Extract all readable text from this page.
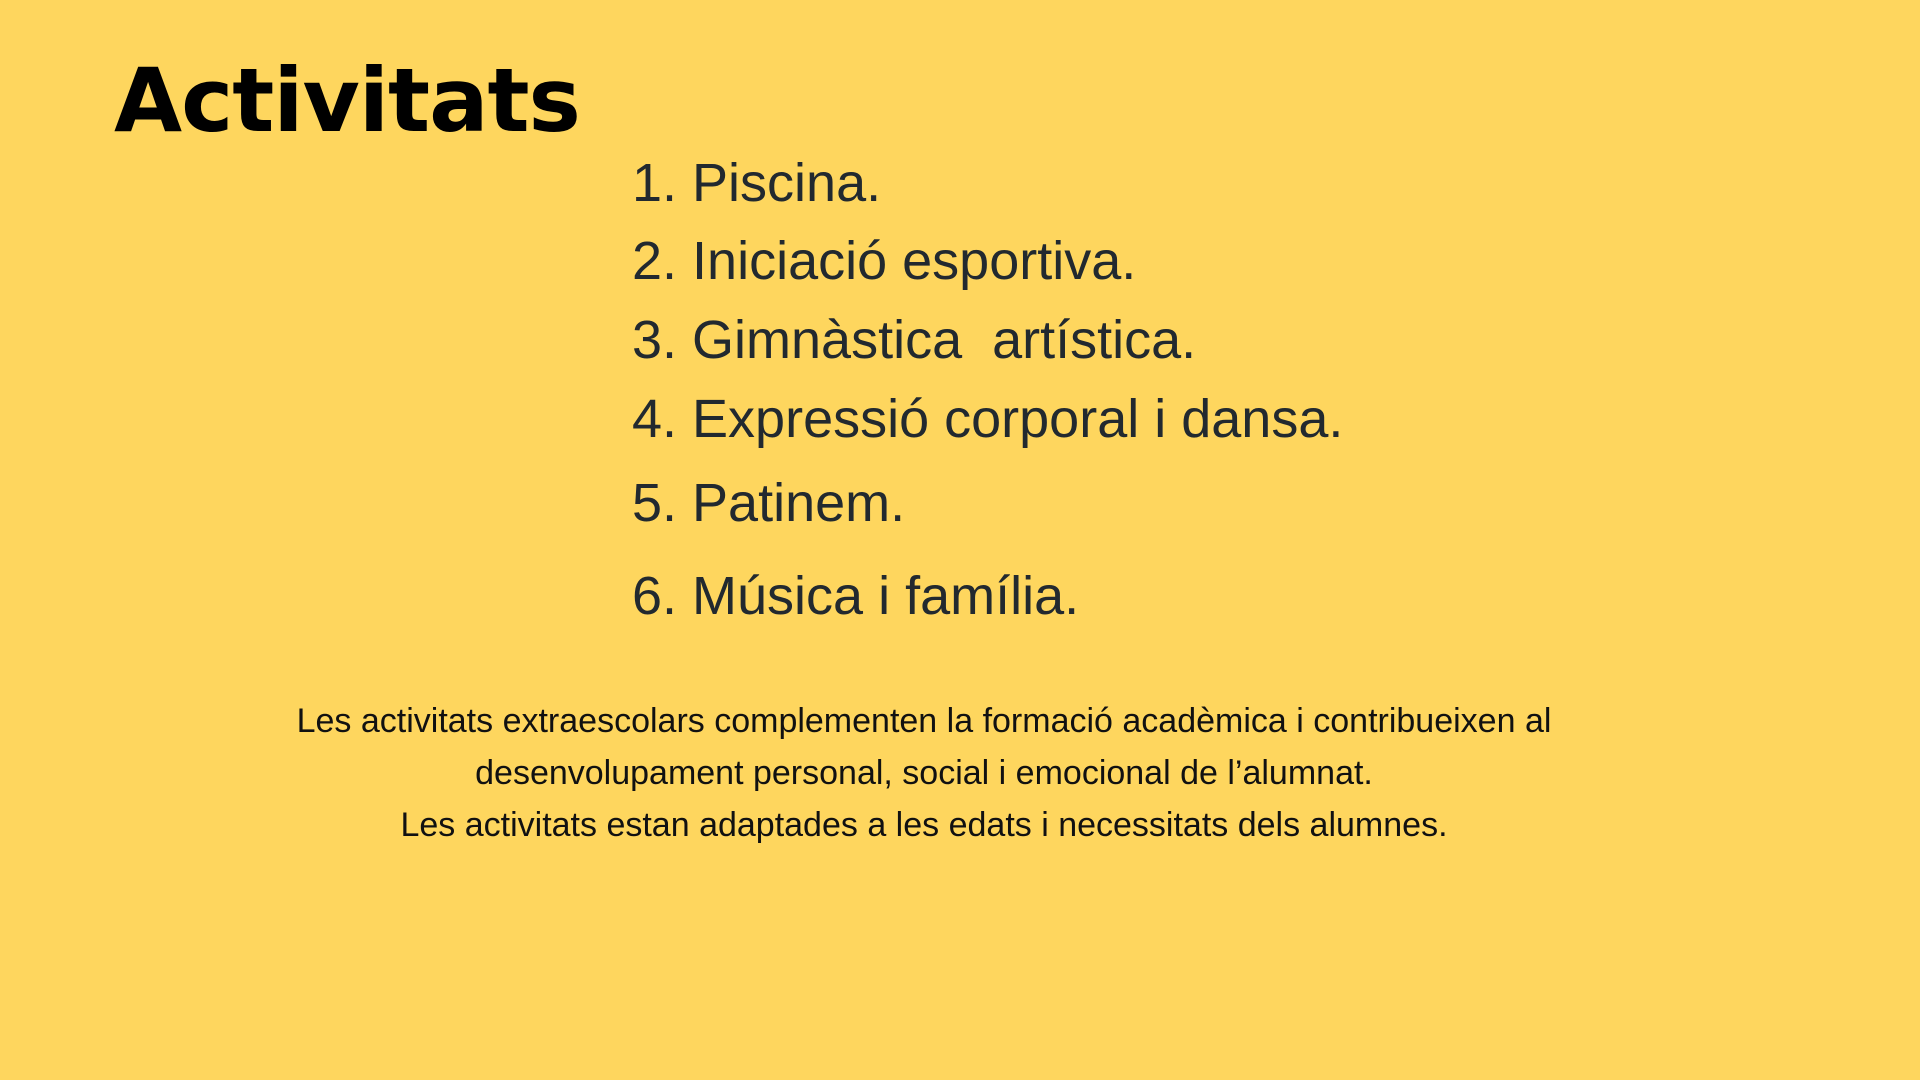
Activitats
1. Piscina.
2. Iniciació esportiva.
3. Gimnàstica  artística.
4. Expressió corporal i dansa.
5. Patinem.
6. Música i família.

Les activitats extraescolars complementen la formació acadèmica i contribueixen al desenvolupament personal, social i emocional de l’alumnat.

Les activitats estan adaptades a les edats i necessitats dels alumnes.
